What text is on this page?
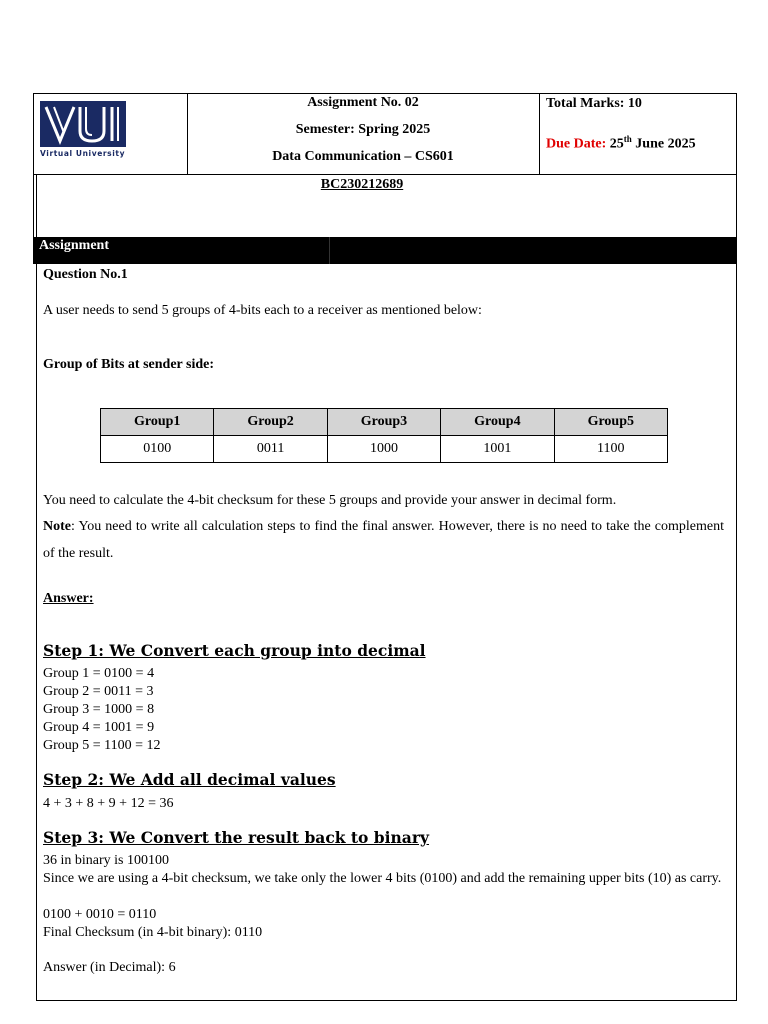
Virtual University
Assignment No. 02
Semester: Spring 2025
Data Communication – CS601
Total Marks: 10
Due Date: 25th June 2025
BC230212689
Assignment
Question No.1
A user needs to send 5 groups of 4-bits each to a receiver as mentioned below:
Group of Bits at sender side:
Group1	Group2	Group3	Group4	Group5
0100	0011	1000	1001	1100
You need to calculate the 4-bit checksum for these 5 groups and provide your answer in decimal form.
Note: You need to write all calculation steps to find the final answer. However, there is no need to take the complement of the result.
Answer:
Step 1: We Convert each group into decimal
Group 1 = 0100 = 4
Group 2 = 0011 = 3
Group 3 = 1000 = 8
Group 4 = 1001 = 9
Group 5 = 1100 = 12
Step 2: We Add all decimal values
4 + 3 + 8 + 9 + 12 = 36
Step 3: We Convert the result back to binary
36 in binary is 100100
Since we are using a 4-bit checksum, we take only the lower 4 bits (0100) and add the remaining upper bits (10) as carry.
0100 + 0010 = 0110
Final Checksum (in 4-bit binary): 0110
Answer (in Decimal): 6
